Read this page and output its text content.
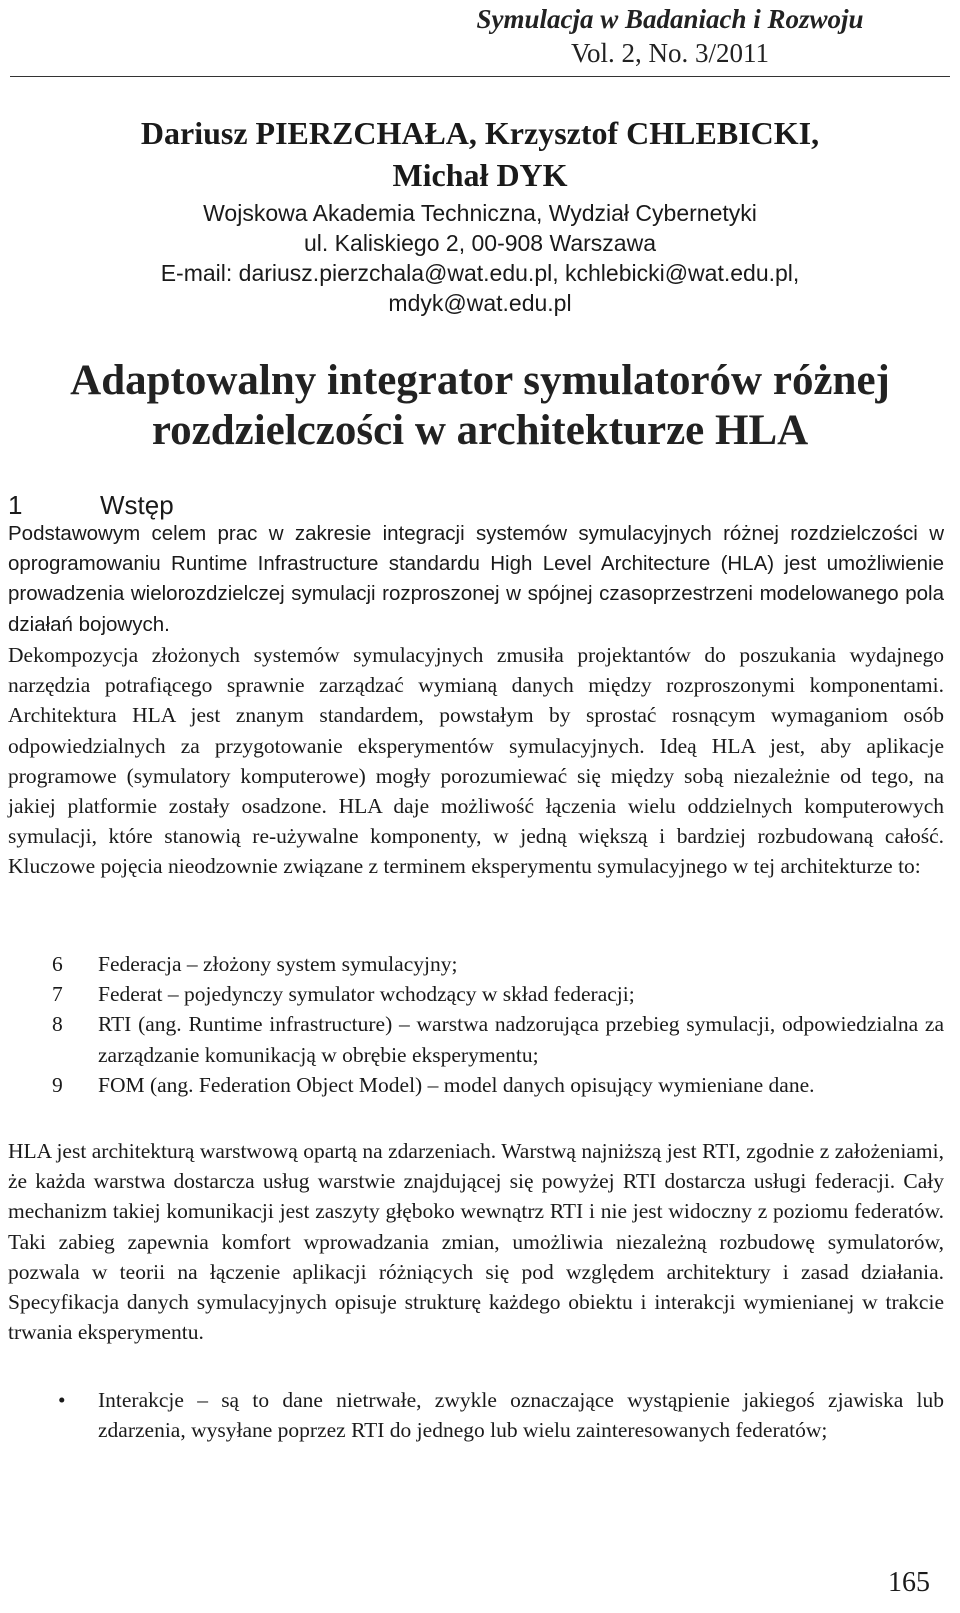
Symulacja w Badaniach i Rozwoju
Vol. 2, No. 3/2011
Dariusz PIERZCHAŁA, Krzysztof CHLEBICKI,
Michał DYK
Wojskowa Akademia Techniczna, Wydział Cybernetyki
ul. Kaliskiego 2, 00-908 Warszawa
E-mail: dariusz.pierzchala@wat.edu.pl, kchlebicki@wat.edu.pl,
mdyk@wat.edu.pl
Adaptowalny integrator symulatorów różnej
rozdzielczości w architekturze HLA
1	Wstęp
Podstawowym celem prac w zakresie integracji systemów symulacyjnych różnej rozdzielczości w oprogramowaniu Runtime Infrastructure standardu High Level Architecture (HLA) jest umożliwienie prowadzenia wielorozdzielczej symulacji rozproszonej w spójnej czasoprzestrzeni modelowanego pola działań bojowych.
Dekompozycja złożonych systemów symulacyjnych zmusiła projektantów do poszukania wydajnego narzędzia potrafiącego sprawnie zarządzać wymianą danych między rozproszonymi komponentami. Architektura HLA jest znanym standardem, powstałym by sprostać rosnącym wymaganiom osób odpowiedzialnych za przygotowanie eksperymentów symulacyjnych. Ideą HLA jest, aby aplikacje programowe (symulatory komputerowe) mogły porozumiewać się między sobą niezależnie od tego, na jakiej platformie zostały osadzone. HLA daje możliwość łączenia wielu oddzielnych komputerowych symulacji, które stanowią re-używalne komponenty, w jedną większą i bardziej rozbudowaną całość. Kluczowe pojęcia nieodzownie związane z terminem eksperymentu symulacyjnego w tej architekturze to:
6 Federacja – złożony system symulacyjny;
7 Federat – pojedynczy symulator wchodzący w skład federacji;
8 RTI (ang. Runtime infrastructure) – warstwa nadzorująca przebieg symulacji, odpowiedzialna za zarządzanie komunikacją w obrębie eksperymentu;
9 FOM (ang. Federation Object Model) – model danych opisujący wymieniane dane.
HLA jest architekturą warstwową opartą na zdarzeniach. Warstwą najniższą jest RTI, zgodnie z założeniami, że każda warstwa dostarcza usług warstwie znajdującej się powyżej RTI dostarcza usługi federacji. Cały mechanizm takiej komunikacji jest zaszyty głęboko wewnątrz RTI i nie jest widoczny z poziomu federatów. Taki zabieg zapewnia komfort wprowadzania zmian, umożliwia niezależną rozbudowę symulatorów, pozwala w teorii na łączenie aplikacji różniących się pod względem architektury i zasad działania. Specyfikacja danych symulacyjnych opisuje strukturę każdego obiektu i interakcji wymienianej w trakcie trwania eksperymentu.
• Interakcje – są to dane nietrwałe, zwykle oznaczające wystąpienie jakiegoś zjawiska lub zdarzenia, wysyłane poprzez RTI do jednego lub wielu zainteresowanych federatów;
165
